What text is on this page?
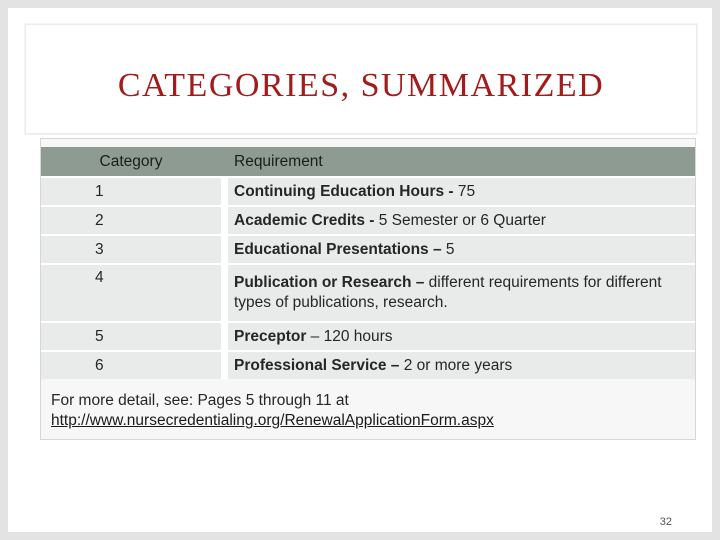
CATEGORIES, SUMMARIZED
Category		Requirement
1		Continuing Education Hours - 75
2		Academic Credits - 5 Semester or 6 Quarter
3		Educational Presentations – 5
4		Publication or Research – different requirements for different types of publications, research.
5		Preceptor – 120 hours
6		Professional Service – 2 or more years
For more detail, see: Pages 5 through 11 at
http://www.nursecredentialing.org/RenewalApplicationForm.aspx
32
